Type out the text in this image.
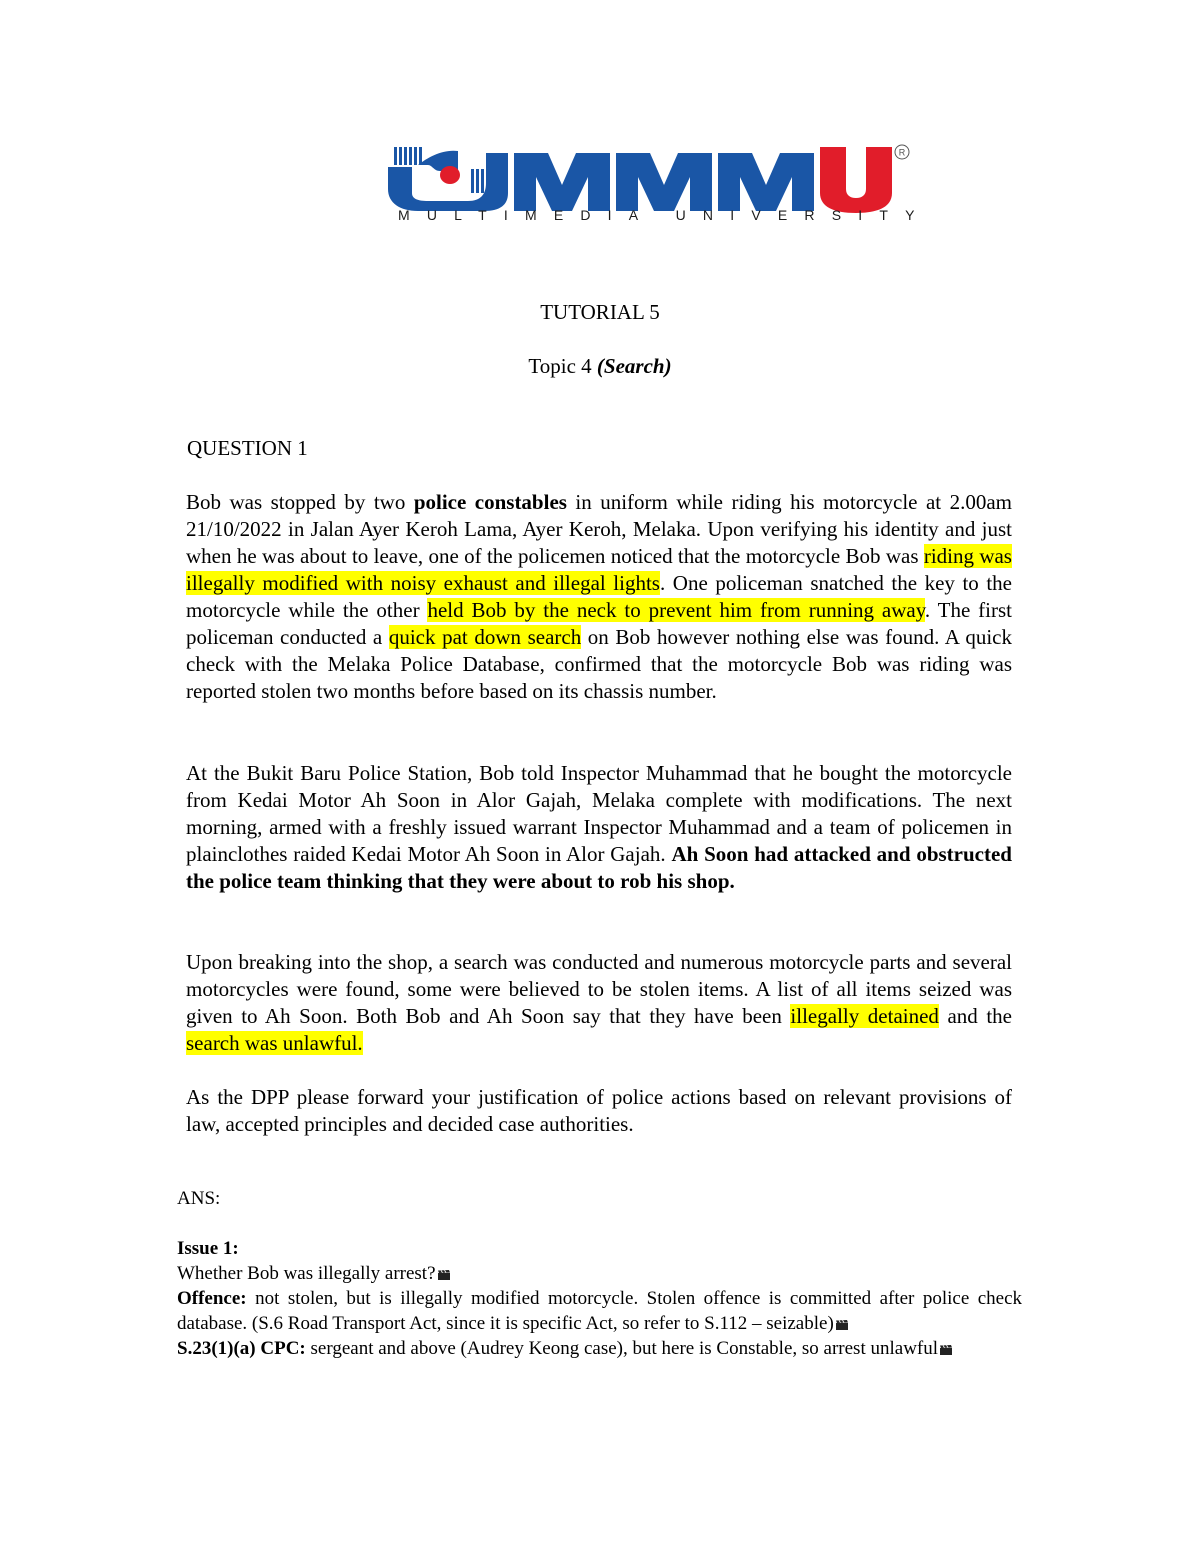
R
MULTIMEDIA UNIVERSITY
TUTORIAL 5
Topic 4 (Search)
QUESTION 1
Bob was stopped by two police constables in uniform while riding his motorcycle at 2.00am 21/10/2022 in Jalan Ayer Keroh Lama, Ayer Keroh, Melaka. Upon verifying his identity and just when he was about to leave, one of the policemen noticed that the motorcycle Bob was riding was illegally modified with noisy exhaust and illegal lights. One policeman snatched the key to the motorcycle while the other held Bob by the neck to prevent him from running away. The first policeman conducted a quick pat down search on Bob however nothing else was found. A quick check with the Melaka Police Database, confirmed that the motorcycle Bob was riding was reported stolen two months before based on its chassis number.
At the Bukit Baru Police Station, Bob told Inspector Muhammad that he bought the motorcycle from Kedai Motor Ah Soon in Alor Gajah, Melaka complete with modifications. The next morning, armed with a freshly issued warrant Inspector Muhammad and a team of policemen in plainclothes raided Kedai Motor Ah Soon in Alor Gajah. Ah Soon had attacked and obstructed the police team thinking that they were about to rob his shop.
Upon breaking into the shop, a search was conducted and numerous motorcycle parts and several motorcycles were found, some were believed to be stolen items. A list of all items seized was given to Ah Soon. Both Bob and Ah Soon say that they have been illegally detained and the search was unlawful.
As the DPP please forward your justification of police actions based on relevant provisions of law, accepted principles and decided case authorities.
ANS:

Issue 1:

Whether Bob was illegally arrest?

Offence: not stolen, but is illegally modified motorcycle. Stolen offence is committed after police check database. (S.6 Road Transport Act, since it is specific Act, so refer to S.112 – seizable)

S.23(1)(a) CPC: sergeant and above (Audrey Keong case), but here is Constable, so arrest unlawful
